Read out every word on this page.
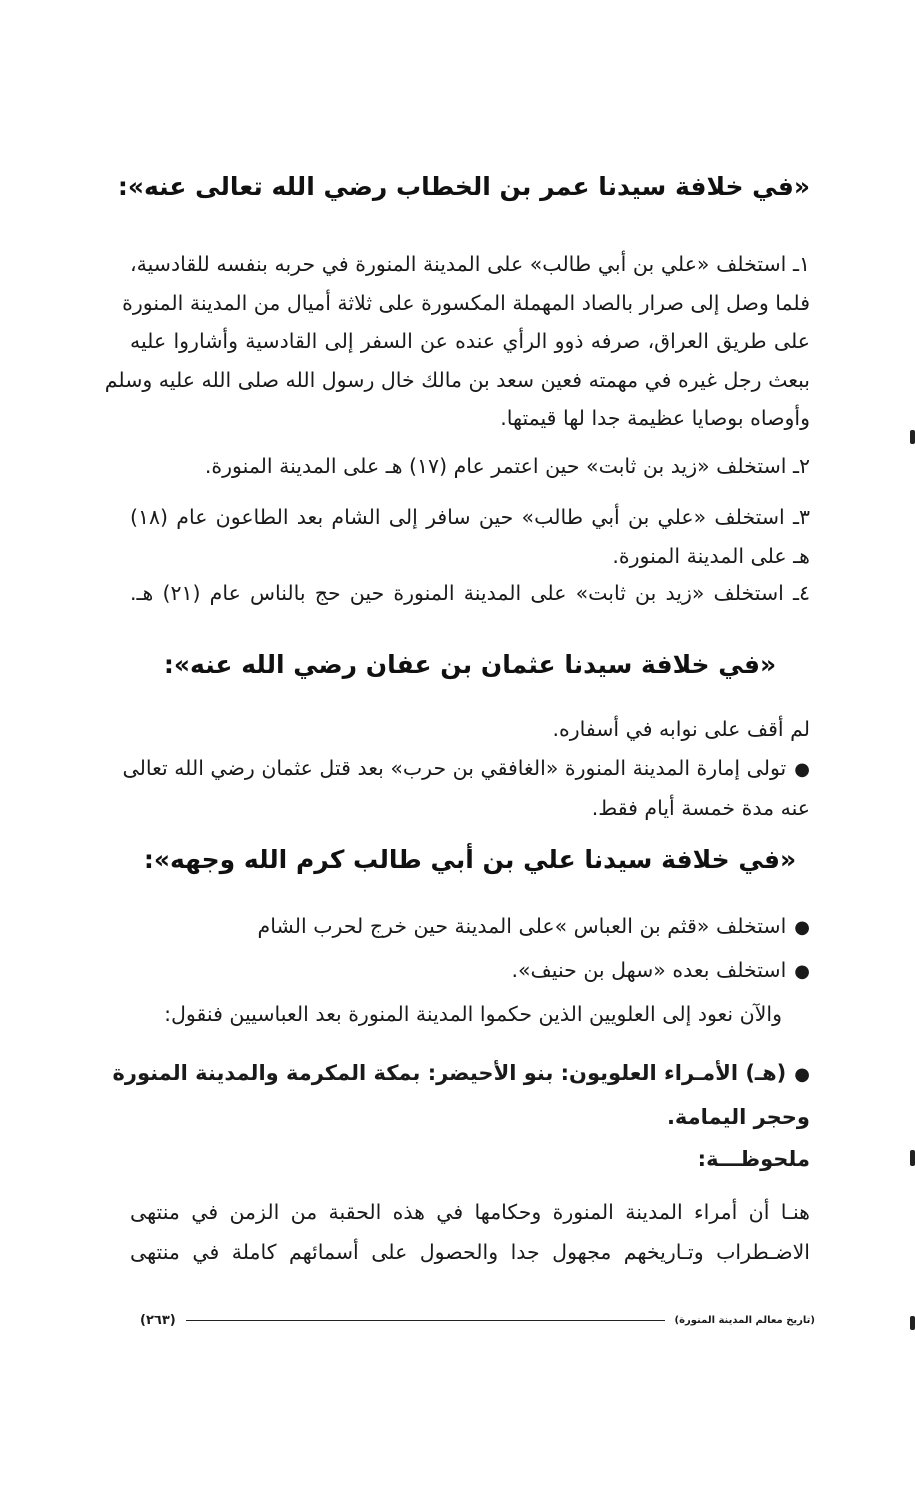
«في خلافة سيدنا عمر بن الخطاب رضي الله تعالى عنه»:

١ـ استخلف «علي بن أبي طالب» على المدينة المنورة في حربه بنفسه للقادسية،
فلما وصل إلى صرار بالصاد المهملة المكسورة على ثلاثة أميال من المدينة المنورة
على طريق العراق، صرفه ذوو الرأي عنده عن السفر إلى القادسية وأشاروا عليه
ببعث رجل غيره في مهمته فعين سعد بن مالك خال رسول الله صلى الله عليه وسلم
وأوصاه بوصايا عظيمة جدا لها قيمتها.

٢ـ استخلف «زيد بن ثابت» حين اعتمر عام (١٧) هـ على المدينة المنورة.

٣ـ استخلف «علي بن أبي طالب» حين سافر إلى الشام بعد الطاعون عام (١٨)
هـ على المدينة المنورة.

٤ـ استخلف «زيد بن ثابت» على المدينة المنورة حين حج بالناس عام (٢١) هـ.

«في خلافة سيدنا عثمان بن عفان رضي الله عنه»:

لم أقف على نوابه في أسفاره.
●تولى إمارة المدينة المنورة «الغافقي بن حرب» بعد قتل عثمان رضي الله تعالى
عنه مدة خمسة أيام فقط.

«في خلافة سيدنا علي بن أبي طالب كرم الله وجهه»:

●استخلف «قثم بن العباس »على المدينة حين خرج لحرب الشام
●استخلف بعده «سهل بن حنيف».
والآن نعود إلى العلويين الذين حكموا المدينة المنورة بعد العباسيين فنقول:

●(هـ) الأمـراء العلويون: بنو الأحيضر: بمكة المكرمة والمدينة المنورة
وحجر اليمامة.
ملحوظـــة:

هنـا أن أمراء المدينة المنورة وحكامها في هذه الحقبة من الزمن في منتهى
الاضـطراب وتـاريخهم مجهول جدا والحصول على أسمائهم كاملة في منتهى

(تاريخ معالم المدينة المنورة)
(٢٦٣)
